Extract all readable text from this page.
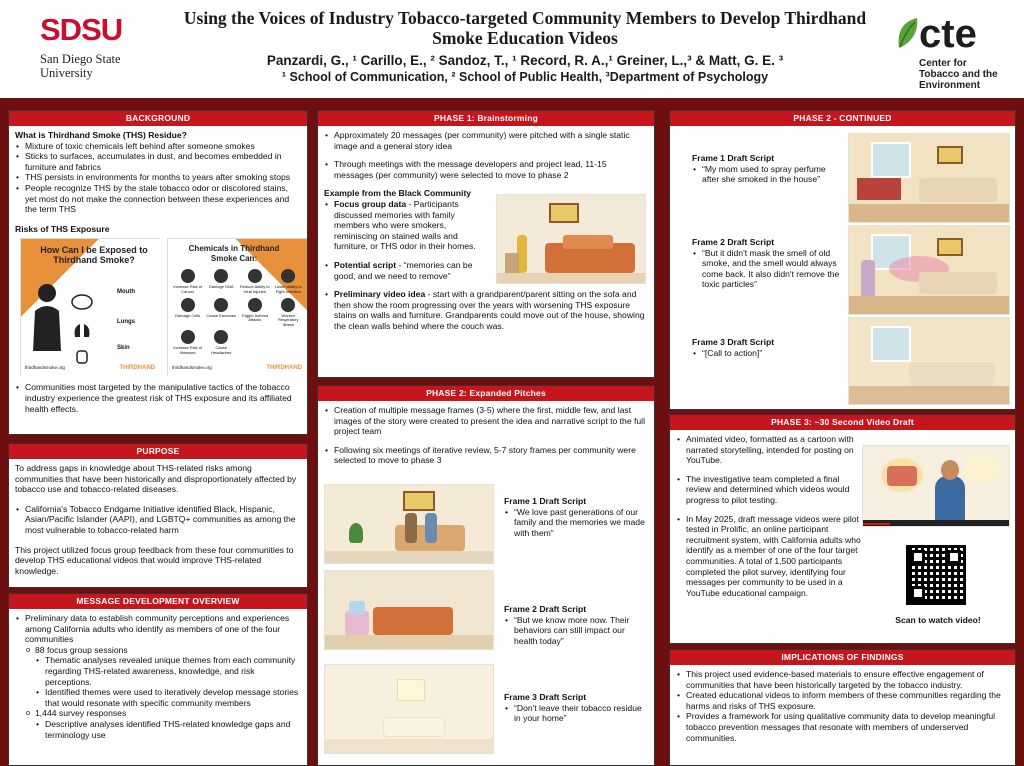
SDSU
San Diego State University
Using the Voices of Industry Tobacco-targeted Community Members to Develop Thirdhand Smoke Education Videos
Panzardi, G., ¹ Carillo, E., ² Sandoz, T., ¹ Record, R. A.,¹ Greiner, L.,³ & Matt, G. E. ³
¹ School of Communication, ² School of Public Health, ³Department of Psychology
cte
Center for Tobacco and the Environment
BACKGROUND
What is Thirdhand Smoke (THS) Residue?
• Mixture of toxic chemicals left behind after someone smokes
• Sticks to surfaces, accumulates in dust, and becomes embedded in furniture and fabrics
• THS persists in environments for months to years after smoking stops
• People recognize THS by the stale tobacco odor or discolored stains, yet most do not make the connection between these experiences and the term THS
Risks of THS Exposure
How Can I be Exposed to Thirdhand Smoke?
Mouth
Lungs
Skin
thirdhandsmoke.org	THIRDHAND
Chemicals in Thirdhand Smoke Can:
Increase Risk of Cancer
Damage DNA	Reduce Ability to Heal Injuries
Lower Ability to Fight Infection
Damage Cells	Cause Earaches	Trigger Asthma Attacks
Worsen Respiratory Illness
Increase Risk of Illnesses
Cause Headaches
thirdhandsmoke.org	THIRDHAND
• Communities most targeted by the manipulative tactics of the tobacco industry experience the greatest risk of THS exposure and its affiliated health effects.
PURPOSE
To address gaps in knowledge about THS-related risks among communities that have been historically and disproportionately affected by tobacco use and tobacco-related diseases.
• California's Tobacco Endgame Initiative identified Black, Hispanic, Asian/Pacific Islander (AAPI), and LGBTQ+ communities as among the most vulnerable to tobacco-related harm
This project utilized focus group feedback from these four communities to develop THS educational videos that would improve THS-related knowledge.
MESSAGE DEVELOPMENT OVERVIEW
• Preliminary data to establish community perceptions and experiences among California adults who identify as members of one of the four communities
o 88 focus group sessions
• Thematic analyses revealed unique themes from each community regarding THS-related awareness, knowledge, and risk perceptions.
• Identified themes were used to iteratively develop message stories that would resonate with specific community members
o 1,444 survey responses
• Descriptive analyses identified THS-related knowledge gaps and terminology use
PHASE 1: Brainstorming
• Approximately 20 messages (per community) were pitched with a single static image and a general story idea
• Through meetings with the message developers and project lead, 11-15 messages (per community) were selected to move to phase 2
Example from the Black Community
• Focus group data - Participants discussed memories with family members who were smokers, reminiscing on stained walls and furniture, or THS odor in their homes.
• Potential script - “memories can be good, and we need to remove”
• Preliminary video idea - start with a grandparent/parent sitting on the sofa and then show the room progressing over the years with worsening THS exposure stains on walls and furniture. Grandparents could move out of the house, showing the clean walls behind where the couch was.
PHASE 2: Expanded Pitches
• Creation of multiple message frames (3-5) where the first, middle few, and last images of the story were created to present the idea and narrative script to the full project team
• Following six meetings of iterative review, 5-7 story frames per community were selected to move to phase 3
Frame 1 Draft Script
• “We love past generations of our family and the memories we made with them”
Frame 2 Draft Script
• “But we know more now. Their behaviors can still impact our health today”
Frame 3 Draft Script
• “Don't leave their tobacco residue in your home”
PHASE 2 - CONTINUED
Frame 1 Draft Script
• “My mom used to spray perfume after she smoked in the house”
Frame 2 Draft Script
• “But it didn't mask the smell of old smoke, and the smell would always come back. It also didn't remove the toxic particles”
Frame 3 Draft Script
• “[Call to action]”
PHASE 3: ~30 Second Video Draft
• Animated video, formatted as a cartoon with narrated storytelling, intended for posting on YouTube.
• The investigative team completed a final review and determined which videos would progress to pilot testing.
• In May 2025, draft message videos were pilot tested in Prolific, an online participant recruitment system, with California adults who identify as a member of one of the four target communities. A total of 1,500 participants completed the pilot survey, identifying four messages per community to be used in a YouTube educational campaign.
Scan to watch video!
IMPLICATIONS OF FINDINGS
• This project used evidence-based materials to ensure effective engagement of communities that have been historically targeted by the tobacco industry.
• Created educational videos to inform members of these communities regarding the harms and risks of THS exposure.
• Provides a framework for using qualitative community data to develop meaningful tobacco prevention messages that resonate with members of underserved communities.
